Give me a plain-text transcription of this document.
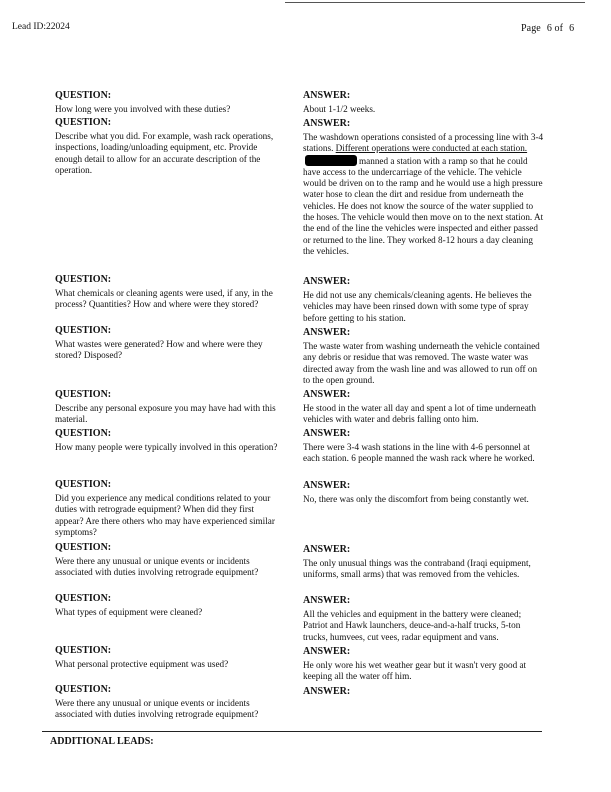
Lead ID:22024	Page 6 of 6
QUESTION:
How long were you involved with these duties?
ANSWER:
About 1-1/2 weeks.
QUESTION:
Describe what you did. For example, wash rack operations, inspections, loading/unloading equipment, etc. Provide enough detail to allow for an accurate description of the operation.
ANSWER:
The washdown operations consisted of a processing line with 3-4 stations. Different operations were conducted at each station.manned a station with a ramp so that he could have access to the undercarriage of the vehicle. The vehicle would be driven on to the ramp and he would use a high pressure water hose to clean the dirt and residue from underneath the vehicles. He does not know the source of the water supplied to the hoses. The vehicle would then move on to the next station. At the end of the line the vehicles were inspected and either passed or returned to the line. They worked 8-12 hours a day cleaning the vehicles.
QUESTION:
What chemicals or cleaning agents were used, if any, in the process? Quantities? How and where were they stored?
ANSWER:
He did not use any chemicals/cleaning agents. He believes the vehicles may have been rinsed down with some type of spray before getting to his station.
QUESTION:
What wastes were generated? How and where were they stored? Disposed?
ANSWER:
The waste water from washing underneath the vehicle contained any debris or residue that was removed. The waste water was directed away from the wash line and was allowed to run off on to the open ground.
QUESTION:
Describe any personal exposure you may have had with this material.
ANSWER:
He stood in the water all day and spent a lot of time underneath vehicles with water and debris falling onto him.
QUESTION:
How many people were typically involved in this operation?
ANSWER:
There were 3-4 wash stations in the line with 4-6 personnel at each station. 6 people manned the wash rack where he worked.
QUESTION:
Did you experience any medical conditions related to your duties with retrograde equipment? When did they first appear? Are there others who may have experienced similar symptoms?
ANSWER:
No, there was only the discomfort from being constantly wet.
QUESTION:
Were there any unusual or unique events or incidents associated with duties involving retrograde equipment?
ANSWER:
The only unusual things was the contraband (Iraqi equipment, uniforms, small arms) that was removed from the vehicles.
QUESTION:
What types of equipment were cleaned?
ANSWER:
All the vehicles and equipment in the battery were cleaned; Patriot and Hawk launchers, deuce-and-a-half trucks, 5-ton trucks, humvees, cut vees, radar equipment and vans.
QUESTION:
What personal protective equipment was used?
ANSWER:
He only wore his wet weather gear but it wasn't very good at keeping all the water off him.
QUESTION:
Were there any unusual or unique events or incidents associated with duties involving retrograde equipment?
ANSWER:
ADDITIONAL LEADS:
